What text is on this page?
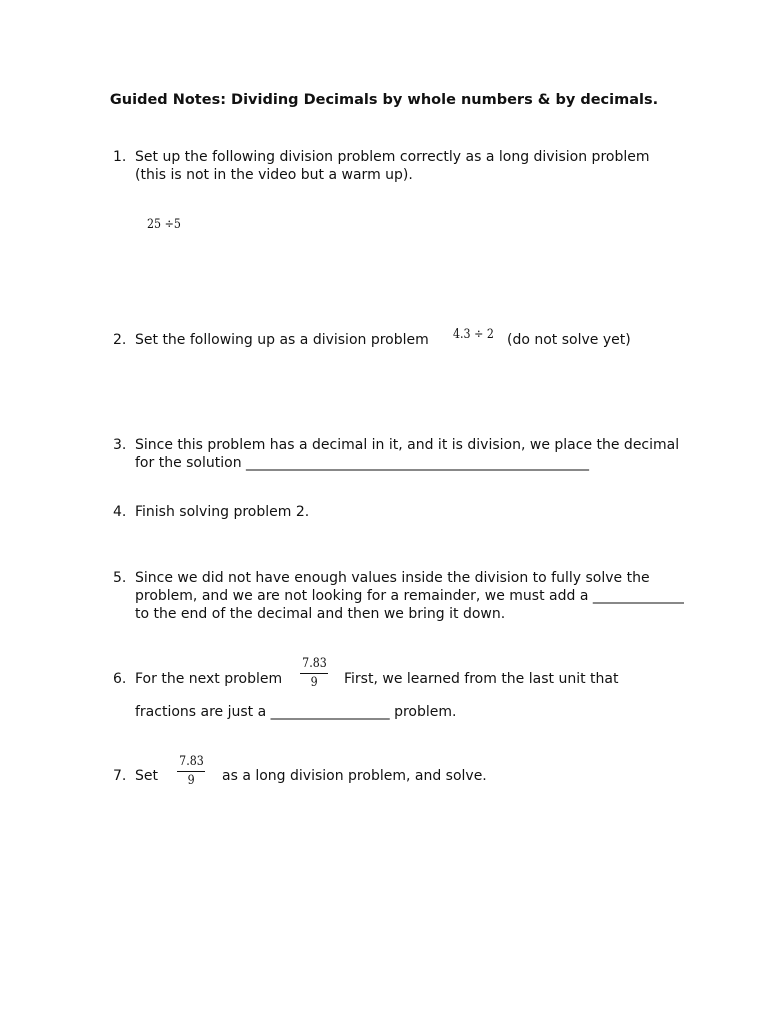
Guided Notes: Dividing Decimals by whole numbers & by decimals.
1. Set up the following division problem correctly as a long division problem
(this is not in the video but a warm up).
25 ÷5
2. Set the following up as a division problem 4.3 ÷ 2 (do not solve yet)
3. Since this problem has a decimal in it, and it is division, we place the decimal
for the solution _________________________________________________
4. Finish solving problem 2.
5. Since we did not have enough values inside the division to fully solve the
problem, and we are not looking for a remainder, we must add a _____________
to the end of the decimal and then we bring it down.
6. For the next problem
7.83
9 First, we learned from the last unit that
fractions are just a _________________ problem.
7. Set
7.83
9 as a long division problem, and solve.
